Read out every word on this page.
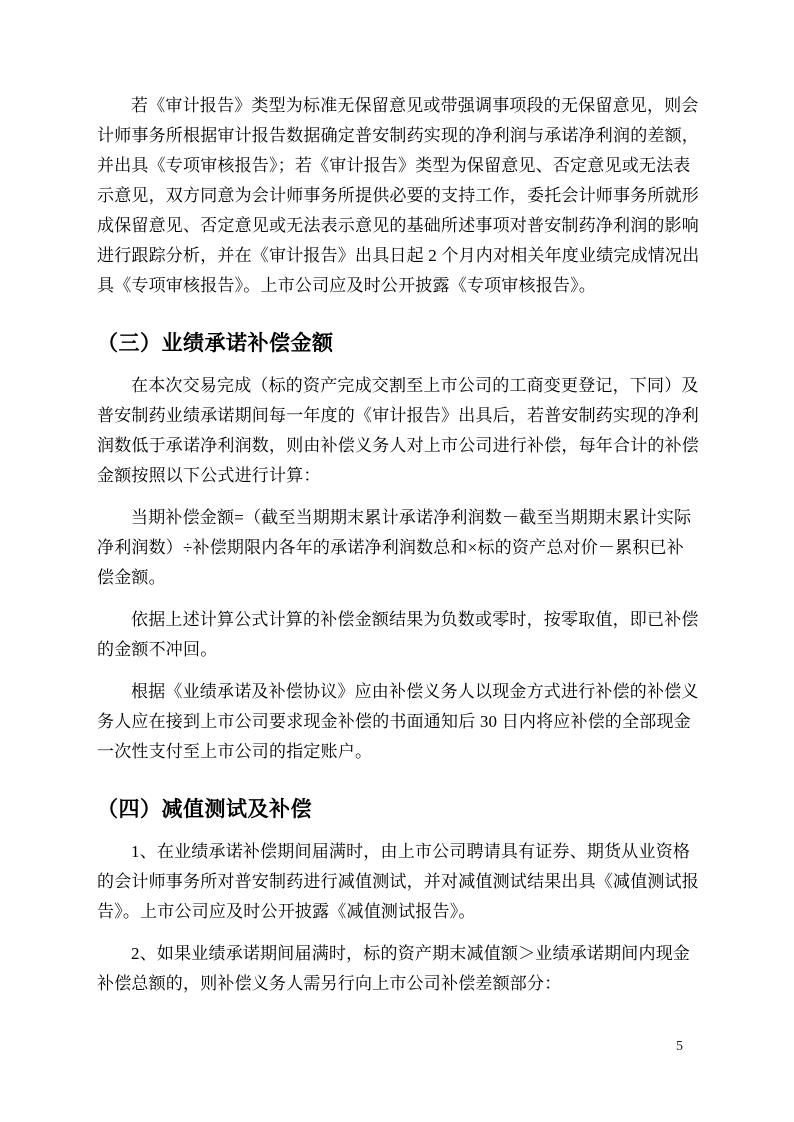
若《审计报告》类型为标准无保留意见或带强调事项段的无保留意见，则会
计师事务所根据审计报告数据确定普安制药实现的净利润与承诺净利润的差额，
并出具《专项审核报告》；若《审计报告》类型为保留意见、否定意见或无法表
示意见，双方同意为会计师事务所提供必要的支持工作，委托会计师事务所就形
成保留意见、否定意见或无法表示意见的基础所述事项对普安制药净利润的影响
进行跟踪分析，并在《审计报告》出具日起 2 个月内对相关年度业绩完成情况出
具《专项审核报告》。上市公司应及时公开披露《专项审核报告》。
（三）业绩承诺补偿金额
在本次交易完成（标的资产完成交割至上市公司的工商变更登记，下同）及
普安制药业绩承诺期间每一年度的《审计报告》出具后，若普安制药实现的净利
润数低于承诺净利润数，则由补偿义务人对上市公司进行补偿，每年合计的补偿
金额按照以下公式进行计算：
当期补偿金额=（截至当期期末累计承诺净利润数－截至当期期末累计实际
净利润数）÷补偿期限内各年的承诺净利润数总和×标的资产总对价－累积已补
偿金额。
依据上述计算公式计算的补偿金额结果为负数或零时，按零取值，即已补偿
的金额不冲回。
根据《业绩承诺及补偿协议》应由补偿义务人以现金方式进行补偿的补偿义
务人应在接到上市公司要求现金补偿的书面通知后 30 日内将应补偿的全部现金
一次性支付至上市公司的指定账户。
（四）减值测试及补偿
1、在业绩承诺补偿期间届满时，由上市公司聘请具有证券、期货从业资格
的会计师事务所对普安制药进行减值测试，并对减值测试结果出具《减值测试报
告》。上市公司应及时公开披露《减值测试报告》。
2、如果业绩承诺期间届满时，标的资产期末减值额＞业绩承诺期间内现金
补偿总额的，则补偿义务人需另行向上市公司补偿差额部分：
5
